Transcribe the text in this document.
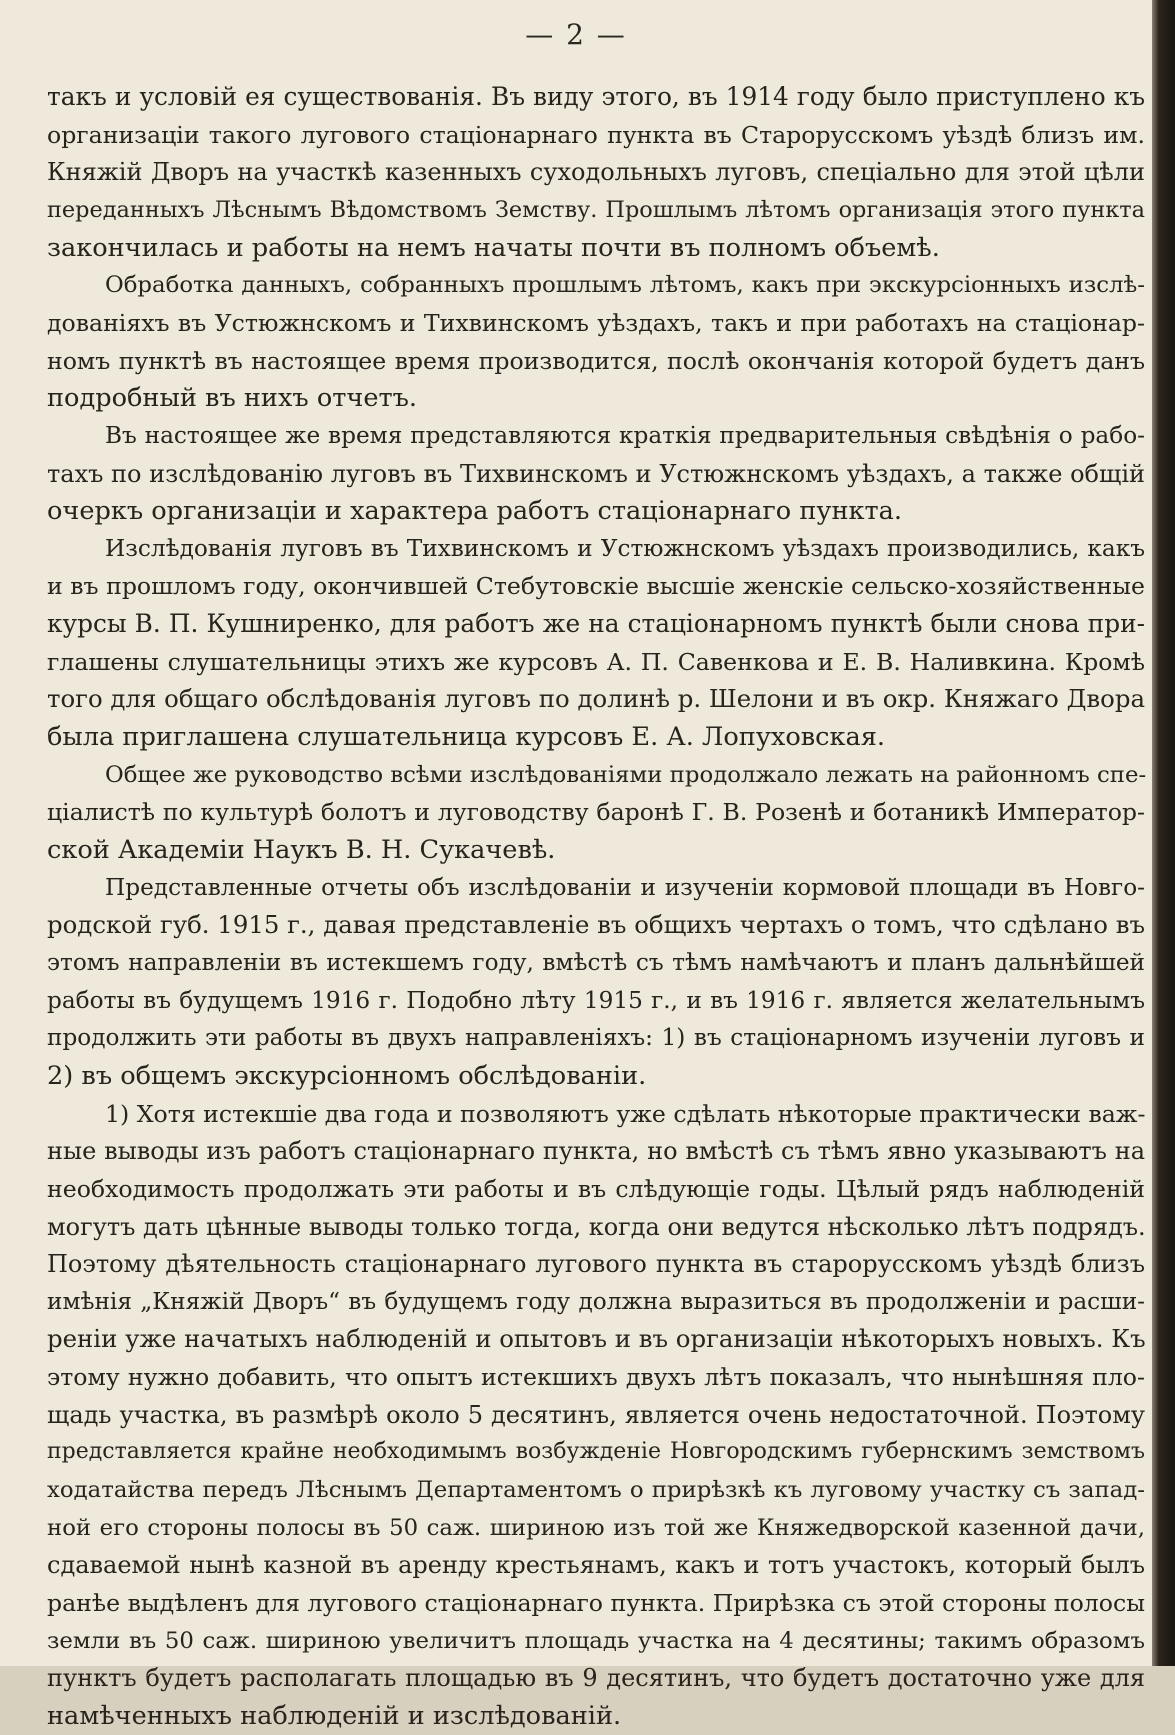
— 2 —

такъ и условій ея существованія. Въ виду этого, въ 1914 году было приступлено къ

организаціи такого лугового стаціонарнаго пункта въ Старорусскомъ уѣздѣ близъ им.

Княжій Дворъ на участкѣ казенныхъ суходольныхъ луговъ, спеціально для этой цѣли

переданныхъ Лѣснымъ Вѣдомствомъ Земству. Прошлымъ лѣтомъ организація этого пункта

закончилась и работы на немъ начаты почти въ полномъ объемѣ.

Обработка данныхъ, собранныхъ прошлымъ лѣтомъ, какъ при экскурсіонныхъ изслѣ-

дованіяхъ въ Устюжнскомъ и Тихвинскомъ уѣздахъ, такъ и при работахъ на стаціонар-

номъ пунктѣ въ настоящее время производится, послѣ окончанія которой будетъ данъ

подробный въ нихъ отчетъ.

Въ настоящее же время представляются краткія предварительныя свѣдѣнія о рабо-

тахъ по изслѣдованію луговъ въ Тихвинскомъ и Устюжнскомъ уѣздахъ, а также общій

очеркъ организаціи и характера работъ стаціонарнаго пункта.

Изслѣдованія луговъ въ Тихвинскомъ и Устюжнскомъ уѣздахъ производились, какъ

и въ прошломъ году, окончившей Стебутовскіе высшіе женскіе сельско-хозяйственные

курсы В. П. Кушниренко, для работъ же на стаціонарномъ пунктѣ были снова при-

глашены слушательницы этихъ же курсовъ А. П. Савенкова и Е. В. Наливкина. Кромѣ

того для общаго обслѣдованія луговъ по долинѣ р. Шелони и въ окр. Княжаго Двора

была приглашена слушательница курсовъ Е. А. Лопуховская.

Общее же руководство всѣми изслѣдованіями продолжало лежать на районномъ спе-

ціалистѣ по культурѣ болотъ и луговодству баронѣ Г. В. Розенѣ и ботаникѣ Император-

ской Академіи Наукъ В. Н. Сукачевѣ.

Представленные отчеты объ изслѣдованіи и изученіи кормовой площади въ Новго-

родской губ. 1915 г., давая представленіе въ общихъ чертахъ о томъ, что сдѣлано въ

этомъ направленіи въ истекшемъ году, вмѣстѣ съ тѣмъ намѣчаютъ и планъ дальнѣйшей

работы въ будущемъ 1916 г. Подобно лѣту 1915 г., и въ 1916 г. является желательнымъ

продолжить эти работы въ двухъ направленіяхъ: 1) въ стаціонарномъ изученіи луговъ и

2) въ общемъ экскурсіонномъ обслѣдованіи.

1) Хотя истекшіе два года и позволяютъ уже сдѣлать нѣкоторые практически важ-

ные выводы изъ работъ стаціонарнаго пункта, но вмѣстѣ съ тѣмъ явно указываютъ на

необходимость продолжать эти работы и въ слѣдующіе годы. Цѣлый рядъ наблюденій

могутъ дать цѣнные выводы только тогда, когда они ведутся нѣсколько лѣтъ подрядъ.

Поэтому дѣятельность стаціонарнаго лугового пункта въ старорусскомъ уѣздѣ близъ

имѣнія „Княжій Дворъ“ въ будущемъ году должна выразиться въ продолженіи и расши-

реніи уже начатыхъ наблюденій и опытовъ и въ организаціи нѣкоторыхъ новыхъ. Къ

этому нужно добавить, что опытъ истекшихъ двухъ лѣтъ показалъ, что нынѣшняя пло-

щадь участка, въ размѣрѣ около 5 десятинъ, является очень недостаточной. Поэтому

представляется крайне необходимымъ возбужденіе Новгородскимъ губернскимъ земствомъ

ходатайства передъ Лѣснымъ Департаментомъ о прирѣзкѣ къ луговому участку съ запад-

ной его стороны полосы въ 50 саж. шириною изъ той же Княжедворской казенной дачи,

сдаваемой нынѣ казной въ аренду крестьянамъ, какъ и тотъ участокъ, который былъ

ранѣе выдѣленъ для лугового стаціонарнаго пункта. Прирѣзка съ этой стороны полосы

земли въ 50 саж. шириною увеличитъ площадь участка на 4 десятины; такимъ образомъ

пунктъ будетъ располагать площадью въ 9 десятинъ, что будетъ достаточно уже для

намѣченныхъ наблюденій и изслѣдованій.
